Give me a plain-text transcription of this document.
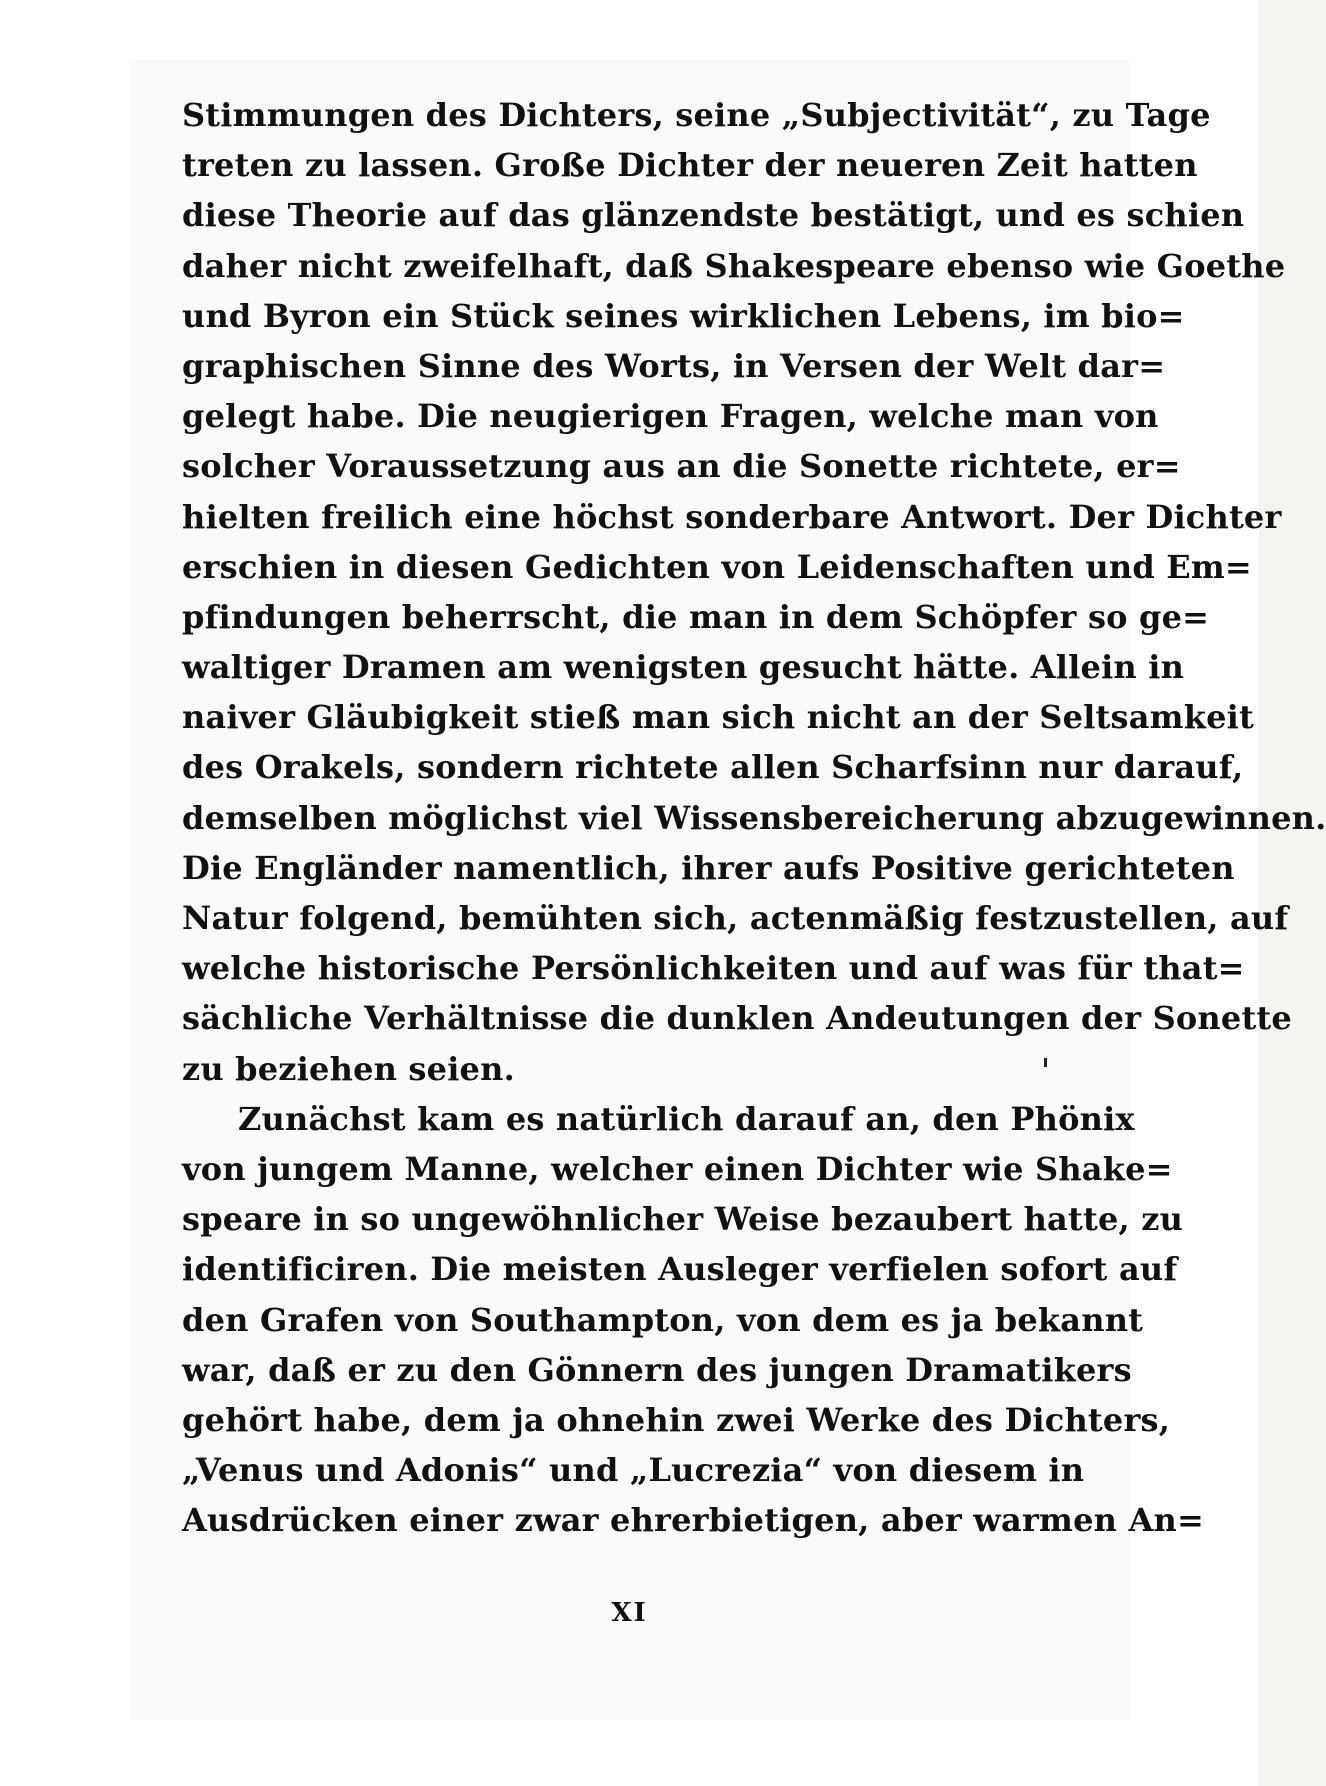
Stimmungen des Dichters, seine „Subjectivität“, zu Tage
treten zu lassen. Große Dichter der neueren Zeit hatten
diese Theorie auf das glänzendste bestätigt, und es schien
daher nicht zweifelhaft, daß Shakespeare ebenso wie Goethe
und Byron ein Stück seines wirklichen Lebens, im bio=
graphischen Sinne des Worts, in Versen der Welt dar=
gelegt habe. Die neugierigen Fragen, welche man von
solcher Voraussetzung aus an die Sonette richtete, er=
hielten freilich eine höchst sonderbare Antwort. Der Dichter
erschien in diesen Gedichten von Leidenschaften und Em=
pfindungen beherrscht, die man in dem Schöpfer so ge=
waltiger Dramen am wenigsten gesucht hätte. Allein in
naiver Gläubigkeit stieß man sich nicht an der Seltsamkeit
des Orakels, sondern richtete allen Scharfsinn nur darauf,
demselben möglichst viel Wissensbereicherung abzugewinnen.
Die Engländer namentlich, ihrer aufs Positive gerichteten
Natur folgend, bemühten sich, actenmäßig festzustellen, auf
welche historische Persönlichkeiten und auf was für that=
sächliche Verhältnisse die dunklen Andeutungen der Sonette
zu beziehen seien.
Zunächst kam es natürlich darauf an, den Phönix
von jungem Manne, welcher einen Dichter wie Shake=
speare in so ungewöhnlicher Weise bezaubert hatte, zu
identificiren. Die meisten Ausleger verfielen sofort auf
den Grafen von Southampton, von dem es ja bekannt
war, daß er zu den Gönnern des jungen Dramatikers
gehört habe, dem ja ohnehin zwei Werke des Dichters,
„Venus und Adonis“ und „Lucrezia“ von diesem in
Ausdrücken einer zwar ehrerbietigen, aber warmen An=
XI
